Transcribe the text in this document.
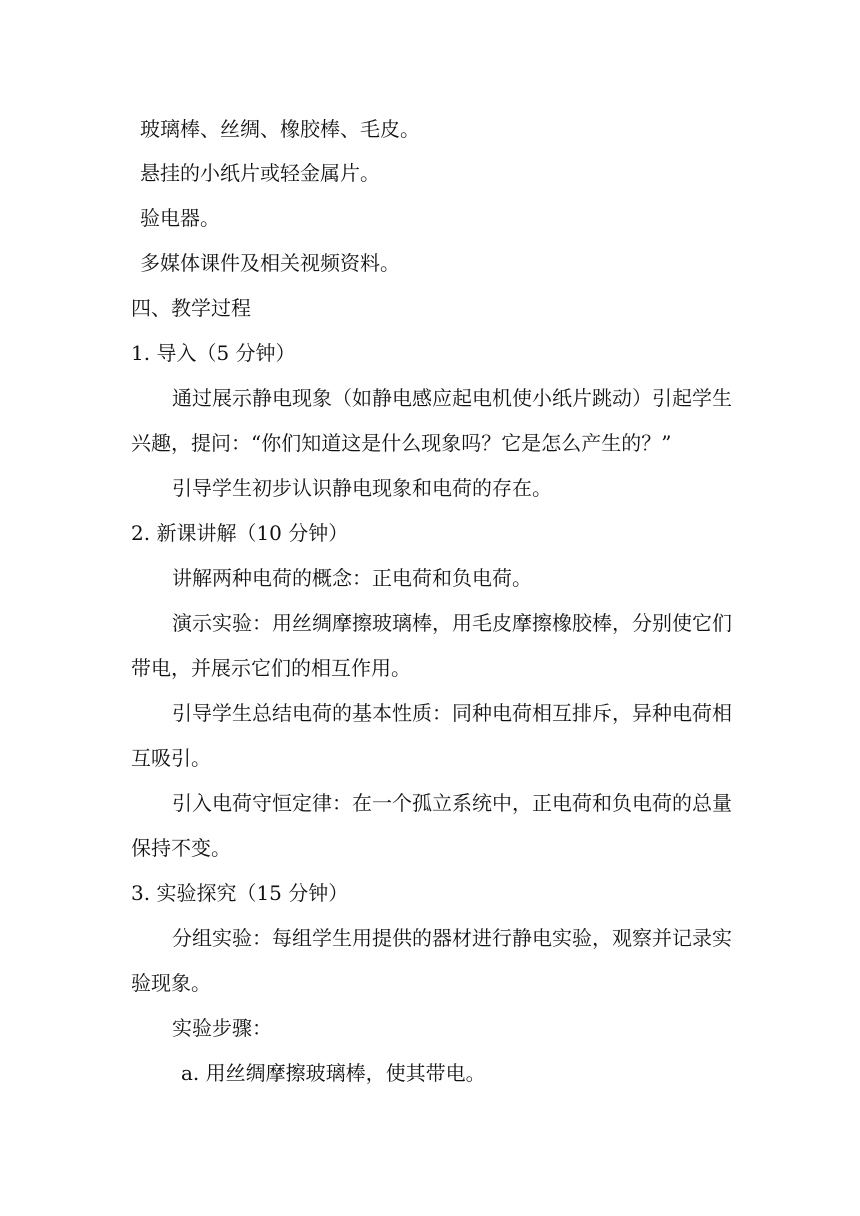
玻璃棒、丝绸、橡胶棒、毛皮。
悬挂的小纸片或轻金属片。
验电器。
多媒体课件及相关视频资料。
四、教学过程
1. 导入（5 分钟）
通过展示静电现象（如静电感应起电机使小纸片跳动）引起学生
兴趣，提问：“你们知道这是什么现象吗？它是怎么产生的？”
引导学生初步认识静电现象和电荷的存在。
2. 新课讲解（10 分钟）
讲解两种电荷的概念：正电荷和负电荷。
演示实验：用丝绸摩擦玻璃棒，用毛皮摩擦橡胶棒，分别使它们
带电，并展示它们的相互作用。
引导学生总结电荷的基本性质：同种电荷相互排斥，异种电荷相
互吸引。
引入电荷守恒定律：在一个孤立系统中，正电荷和负电荷的总量
保持不变。
3. 实验探究（15 分钟）
分组实验：每组学生用提供的器材进行静电实验，观察并记录实
验现象。
实验步骤：
a. 用丝绸摩擦玻璃棒，使其带电。
